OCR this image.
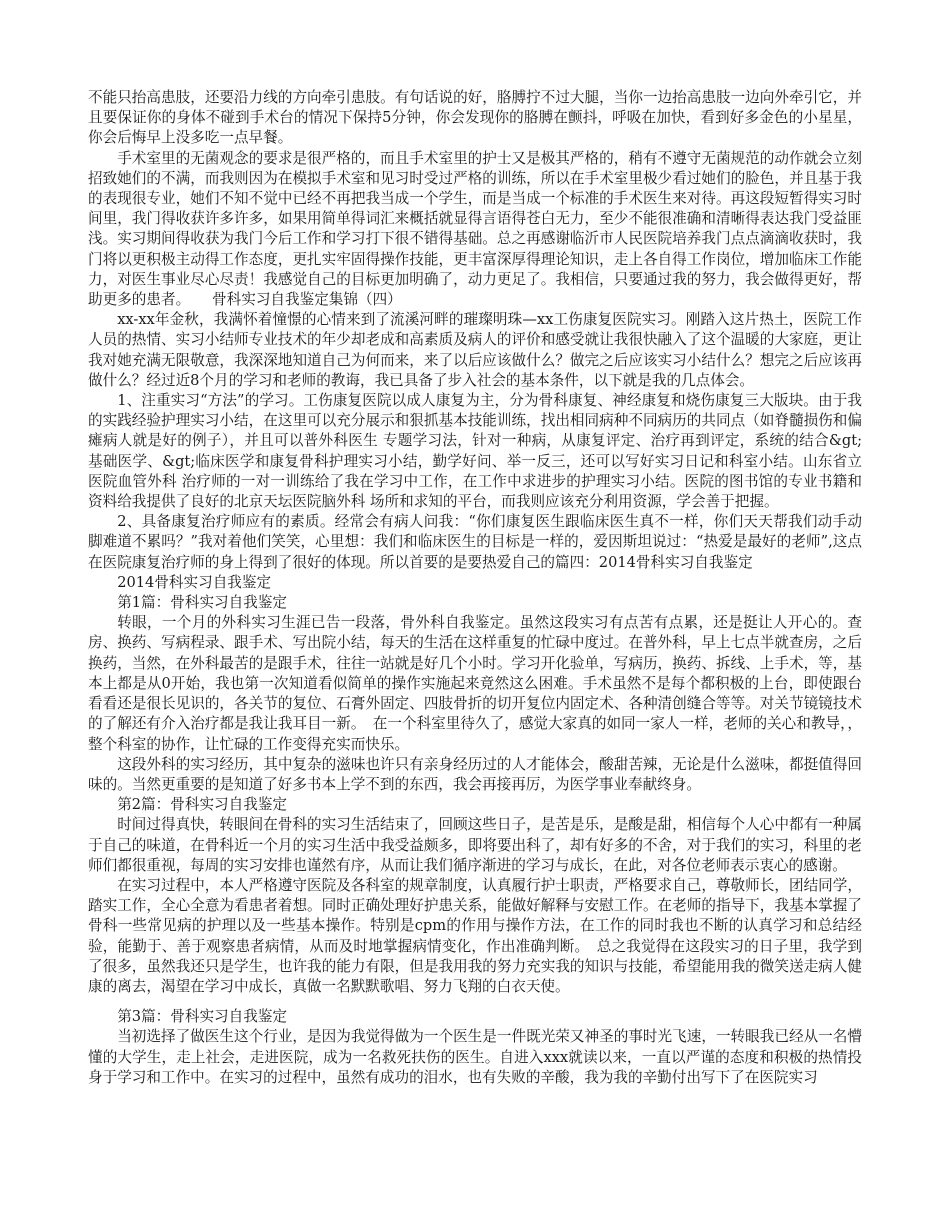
不能只抬高患肢，还要沿力线的方向牵引患肢。有句话说的好，胳膊拧不过大腿，当你一边抬高患肢一边向外牵引它，并且要保证你的身体不碰到手术台的情况下保持5分钟，你会发现你的胳膊在颤抖，呼吸在加快，看到好多金色的小星星，你会后悔早上没多吃一点早餐。

手术室里的无菌观念的要求是很严格的，而且手术室里的护士又是极其严格的，稍有不遵守无菌规范的动作就会立刻招致她们的不满，而我则因为在模拟手术室和见习时受过严格的训练，所以在手术室里极少看过她们的脸色，并且基于我的表现很专业，她们不知不觉中已经不再把我当成一个学生，而是当成一个标准的手术医生来对待。再这段短暂得实习时间里，我门得收获许多许多，如果用简单得词汇来概括就显得言语得苍白无力，至少不能很准确和清晰得表达我门受益匪浅。实习期间得收获为我门今后工作和学习打下很不错得基础。总之再感谢临沂市人民医院培养我门点点滴滴收获时，我门将以更积极主动得工作态度，更扎实牢固得操作技能，更丰富深厚得理论知识，走上各自得工作岗位，增加临床工作能力，对医生事业尽心尽责！我感觉自己的目标更加明确了，动力更足了。我相信，只要通过我的努力，我会做得更好，帮助更多的患者。　　骨科实习自我鉴定集锦（四）

xx-xx年金秋，我满怀着憧憬的心情来到了流溪河畔的璀璨明珠—xx工伤康复医院实习。刚踏入这片热土，医院工作人员的热情、实习小结师专业技术的年少却老成和高素质及病人的评价和感受就让我很快融入了这个温暖的大家庭，更让我对她充满无限敬意，我深深地知道自己为何而来，来了以后应该做什么？做完之后应该实习小结什么？想完之后应该再做什么？经过近8个月的学习和老师的教诲，我已具备了步入社会的基本条件，以下就是我的几点体会。

1、注重实习“方法”的学习。工伤康复医院以成人康复为主，分为骨科康复、神经康复和烧伤康复三大版块。由于我的实践经验护理实习小结，在这里可以充分展示和狠抓基本技能训练，找出相同病种不同病历的共同点（如脊髓损伤和偏瘫病人就是好的例子），并且可以普外科医生 专题学习法，针对一种病，从康复评定、治疗再到评定，系统的结合&gt;基础医学、&gt;临床医学和康复骨科护理实习小结，勤学好问、举一反三，还可以写好实习日记和科室小结。山东省立医院血管外科 治疗师的一对一训练给了我在学习中工作，在工作中求进步的护理实习小结。医院的图书馆的专业书籍和资料给我提供了良好的北京天坛医院脑外科 场所和求知的平台，而我则应该充分利用资源，学会善于把握。

2、具备康复治疗师应有的素质。经常会有病人问我：“你们康复医生跟临床医生真不一样，你们天天帮我们动手动脚难道不累吗？”我对着他们笑笑，心里想：我们和临床医生的目标是一样的，爱因斯坦说过：“热爱是最好的老师”,这点在医院康复治疗师的身上得到了很好的体现。所以首要的是要热爱自己的篇四：2014骨科实习自我鉴定

2014骨科实习自我鉴定

第1篇：骨科实习自我鉴定

转眼，一个月的外科实习生涯已告一段落，骨外科自我鉴定。虽然这段实习有点苦有点累，还是挺让人开心的。查房、换药、写病程录、跟手术、写出院小结，每天的生活在这样重复的忙碌中度过。在普外科，早上七点半就查房，之后换药，当然，在外科最苦的是跟手术，往往一站就是好几个小时。学习开化验单，写病历，换药、拆线、上手术，等，基本上都是从0开始，我也第一次知道看似简单的操作实施起来竟然这么困难。手术虽然不是每个都积极的上台，即使跟台看看还是很长见识的，各关节的复位、石膏外固定、四肢骨折的切开复位内固定术、各种清创缝合等等。对关节镜镜技术的了解还有介入治疗都是我让我耳目一新。　在一个科室里待久了，感觉大家真的如同一家人一样，老师的关心和教导，，整个科室的协作，让忙碌的工作变得充实而快乐。

这段外科的实习经历，其中复杂的滋味也许只有亲身经历过的人才能体会，酸甜苦辣，无论是什么滋味，都挺值得回味的。当然更重要的是知道了好多书本上学不到的东西，我会再接再厉，为医学事业奉献终身。

第2篇：骨科实习自我鉴定

时间过得真快，转眼间在骨科的实习生活结束了，回顾这些日子，是苦是乐，是酸是甜，相信每个人心中都有一种属于自己的味道，在骨科近一个月的实习生活中我受益颇多，即将要出科了，却有好多的不舍，对于我们的实习，科里的老师们都很重视，每周的实习安排也谨然有序，从而让我们循序渐进的学习与成长，在此，对各位老师表示衷心的感谢。

在实习过程中，本人严格遵守医院及各科室的规章制度，认真履行护士职责，严格要求自己，尊敬师长，团结同学，踏实工作，全心全意为看患者着想。同时正确处理好护患关系，能做好解释与安慰工作。在老师的指导下，我基本掌握了骨科一些常见病的护理以及一些基本操作。特别是cpm的作用与操作方法，在工作的同时我也不断的认真学习和总结经验，能勤于、善于观察患者病情，从而及时地掌握病情变化，作出准确判断。　总之我觉得在这段实习的日子里，我学到了很多，虽然我还只是学生，也许我的能力有限，但是我用我的努力充实我的知识与技能，希望能用我的微笑送走病人健康的离去，渴望在学习中成长，真做一名默默歌唱、努力飞翔的白衣天使。

第3篇：骨科实习自我鉴定

当初选择了做医生这个行业，是因为我觉得做为一个医生是一件既光荣又神圣的事时光飞速，一转眼我已经从一名懵懂的大学生，走上社会，走进医院，成为一名救死扶伤的医生。自进入xxx就读以来，一直以严谨的态度和积极的热情投身于学习和工作中。在实习的过程中，虽然有成功的泪水，也有失败的辛酸，我为我的辛勤付出写下了在医院实习
